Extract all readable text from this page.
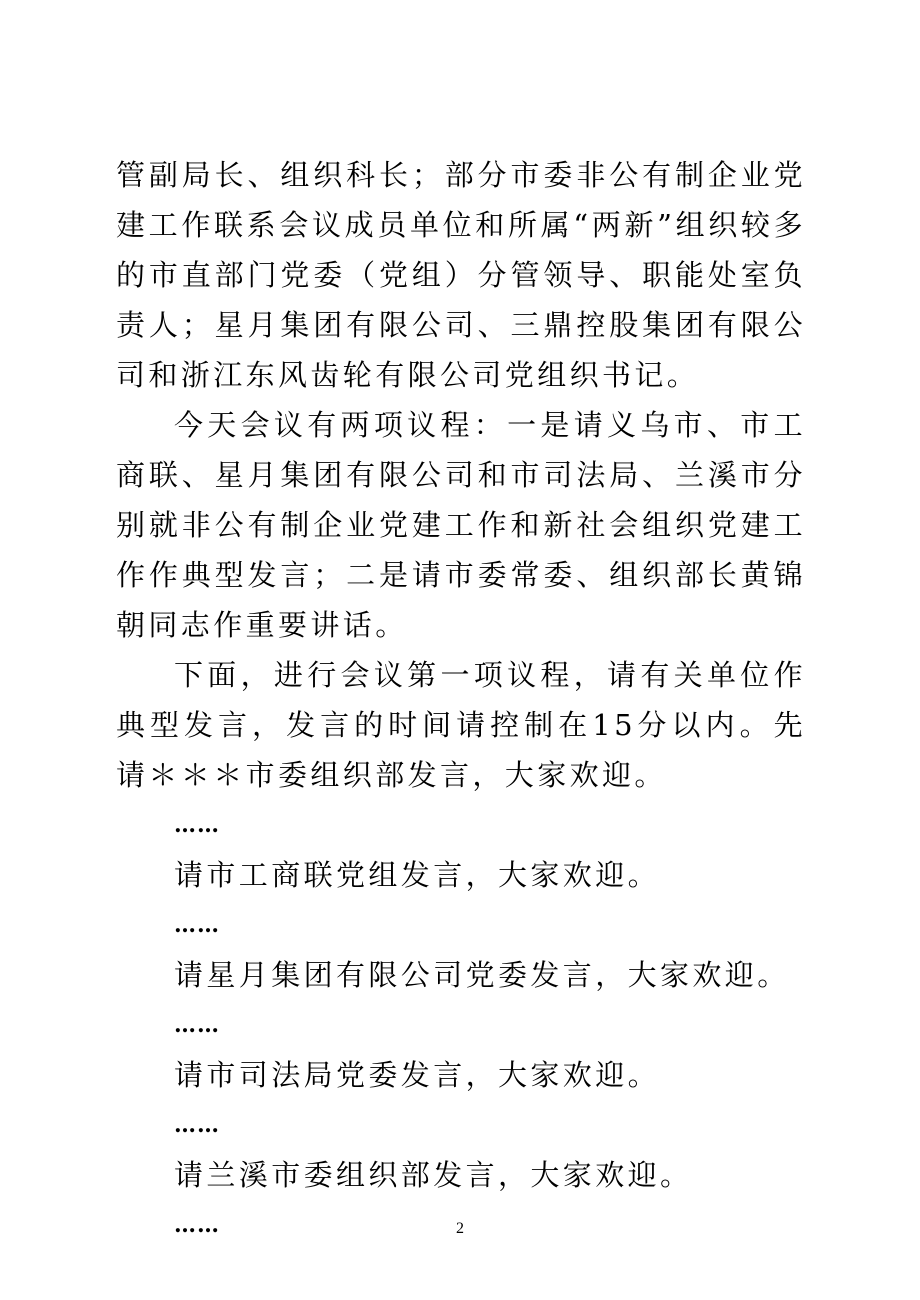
管副局长、组织科长；部分市委非公有制企业党建工作联系会议成员单位和所属“两新”组织较多的市直部门党委（党组）分管领导、职能处室负责人；星月集团有限公司、三鼎控股集团有限公司和浙江东风齿轮有限公司党组织书记。

今天会议有两项议程：一是请义乌市、市工商联、星月集团有限公司和市司法局、兰溪市分别就非公有制企业党建工作和新社会组织党建工作作典型发言；二是请市委常委、组织部长黄锦朝同志作重要讲话。

下面，进行会议第一项议程，请有关单位作典型发言，发言的时间请控制在15分以内。先请＊＊＊市委组织部发言，大家欢迎。

……

请市工商联党组发言，大家欢迎。

……

请星月集团有限公司党委发言，大家欢迎。

……

请市司法局党委发言，大家欢迎。

……

请兰溪市委组织部发言，大家欢迎。

……	2
